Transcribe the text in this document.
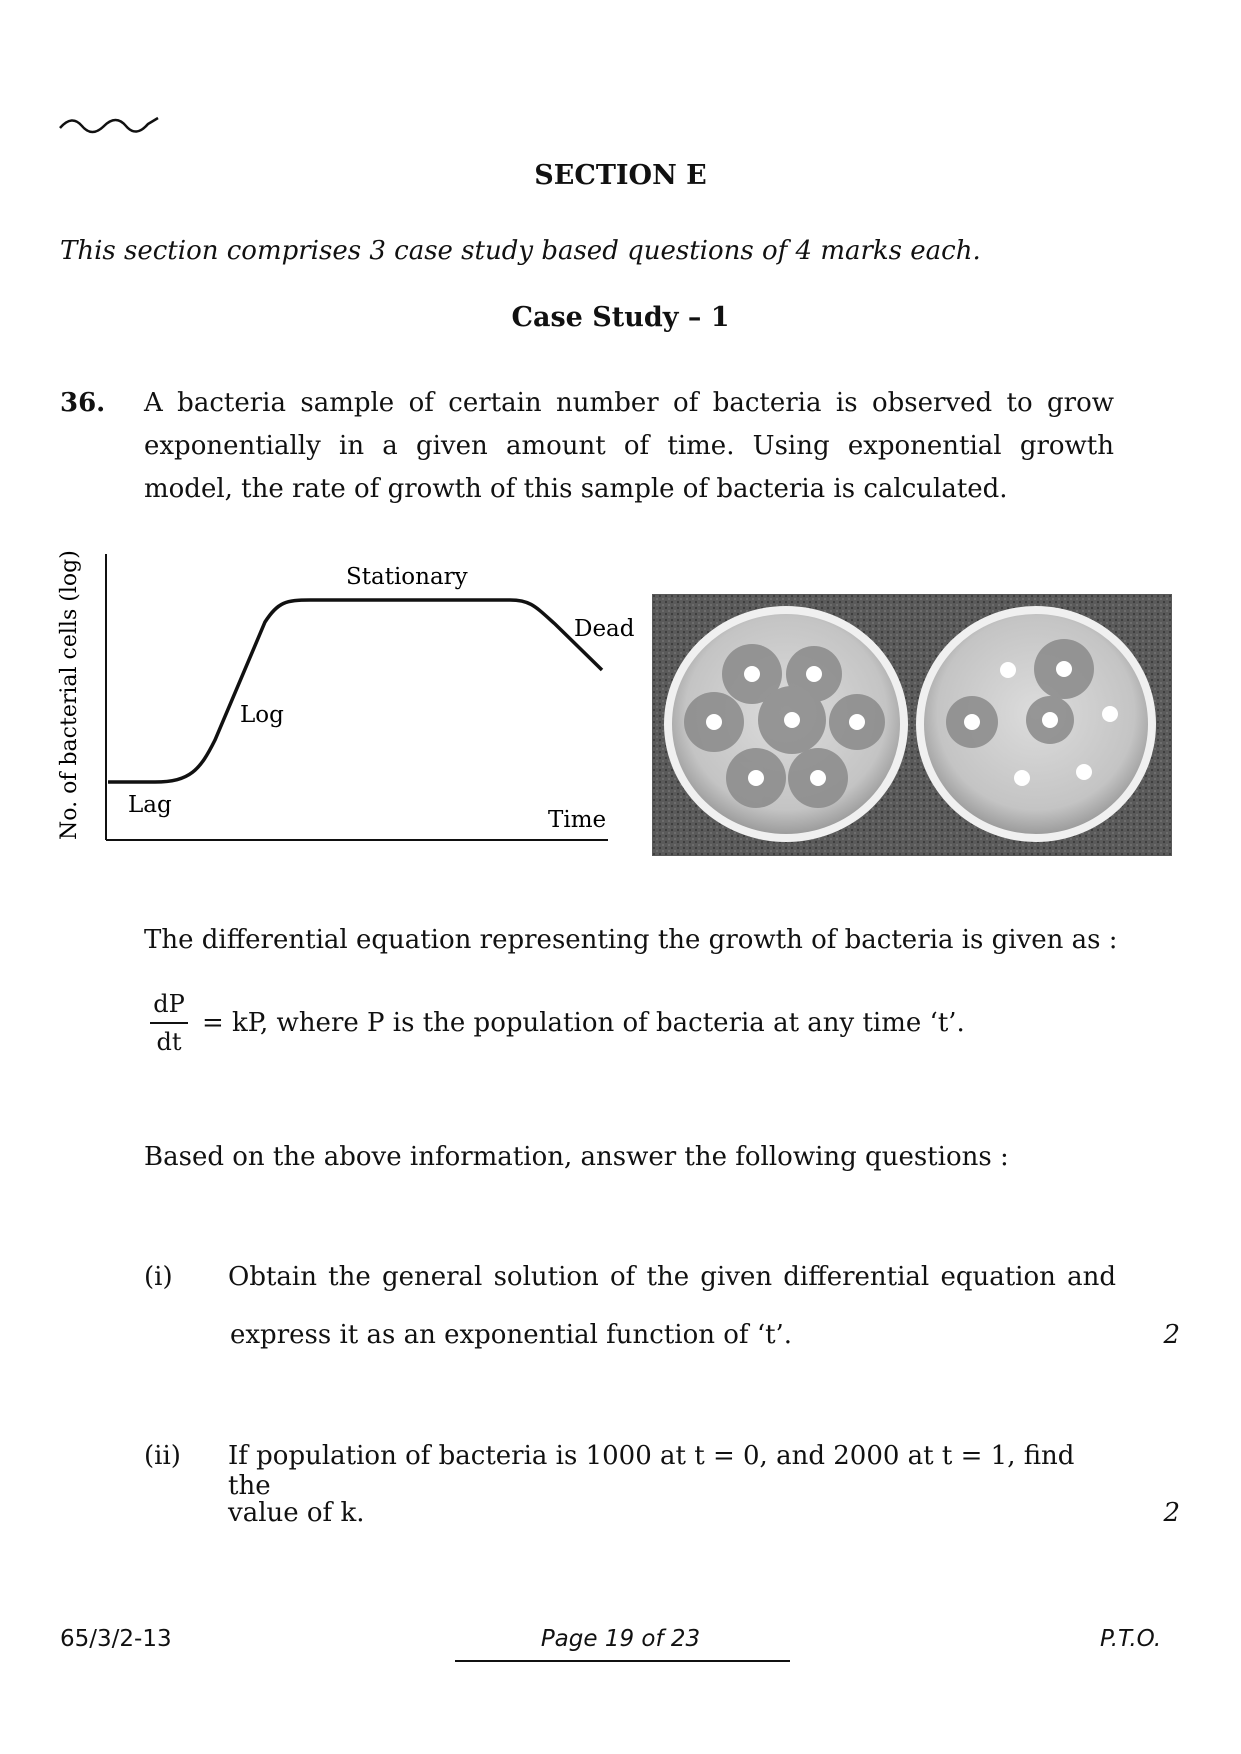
SECTION E
This section comprises 3 case study based questions of 4 marks each.
Case Study – 1
36. A bacteria sample of certain number of bacteria is observed to grow exponentially in a given amount of time. Using exponential growth model, the rate of growth of this sample of bacteria is calculated.
No. of bacterial cells (log) Lag
Log
Stationary
Dead
Time
The differential equation representing the growth of bacteria is given as :
dP
dt
= kP, where P is the population of bacteria at any time ‘t’.
Based on the above information, answer the following questions :
(i) Obtain the general solution of the given differential equation and
express it as an exponential function of ‘t’.	2
(ii) If population of bacteria is 1000 at t = 0, and 2000 at t = 1, find the
value of k.	2
65/3/2-13	Page 19 of 23	P.T.O.
